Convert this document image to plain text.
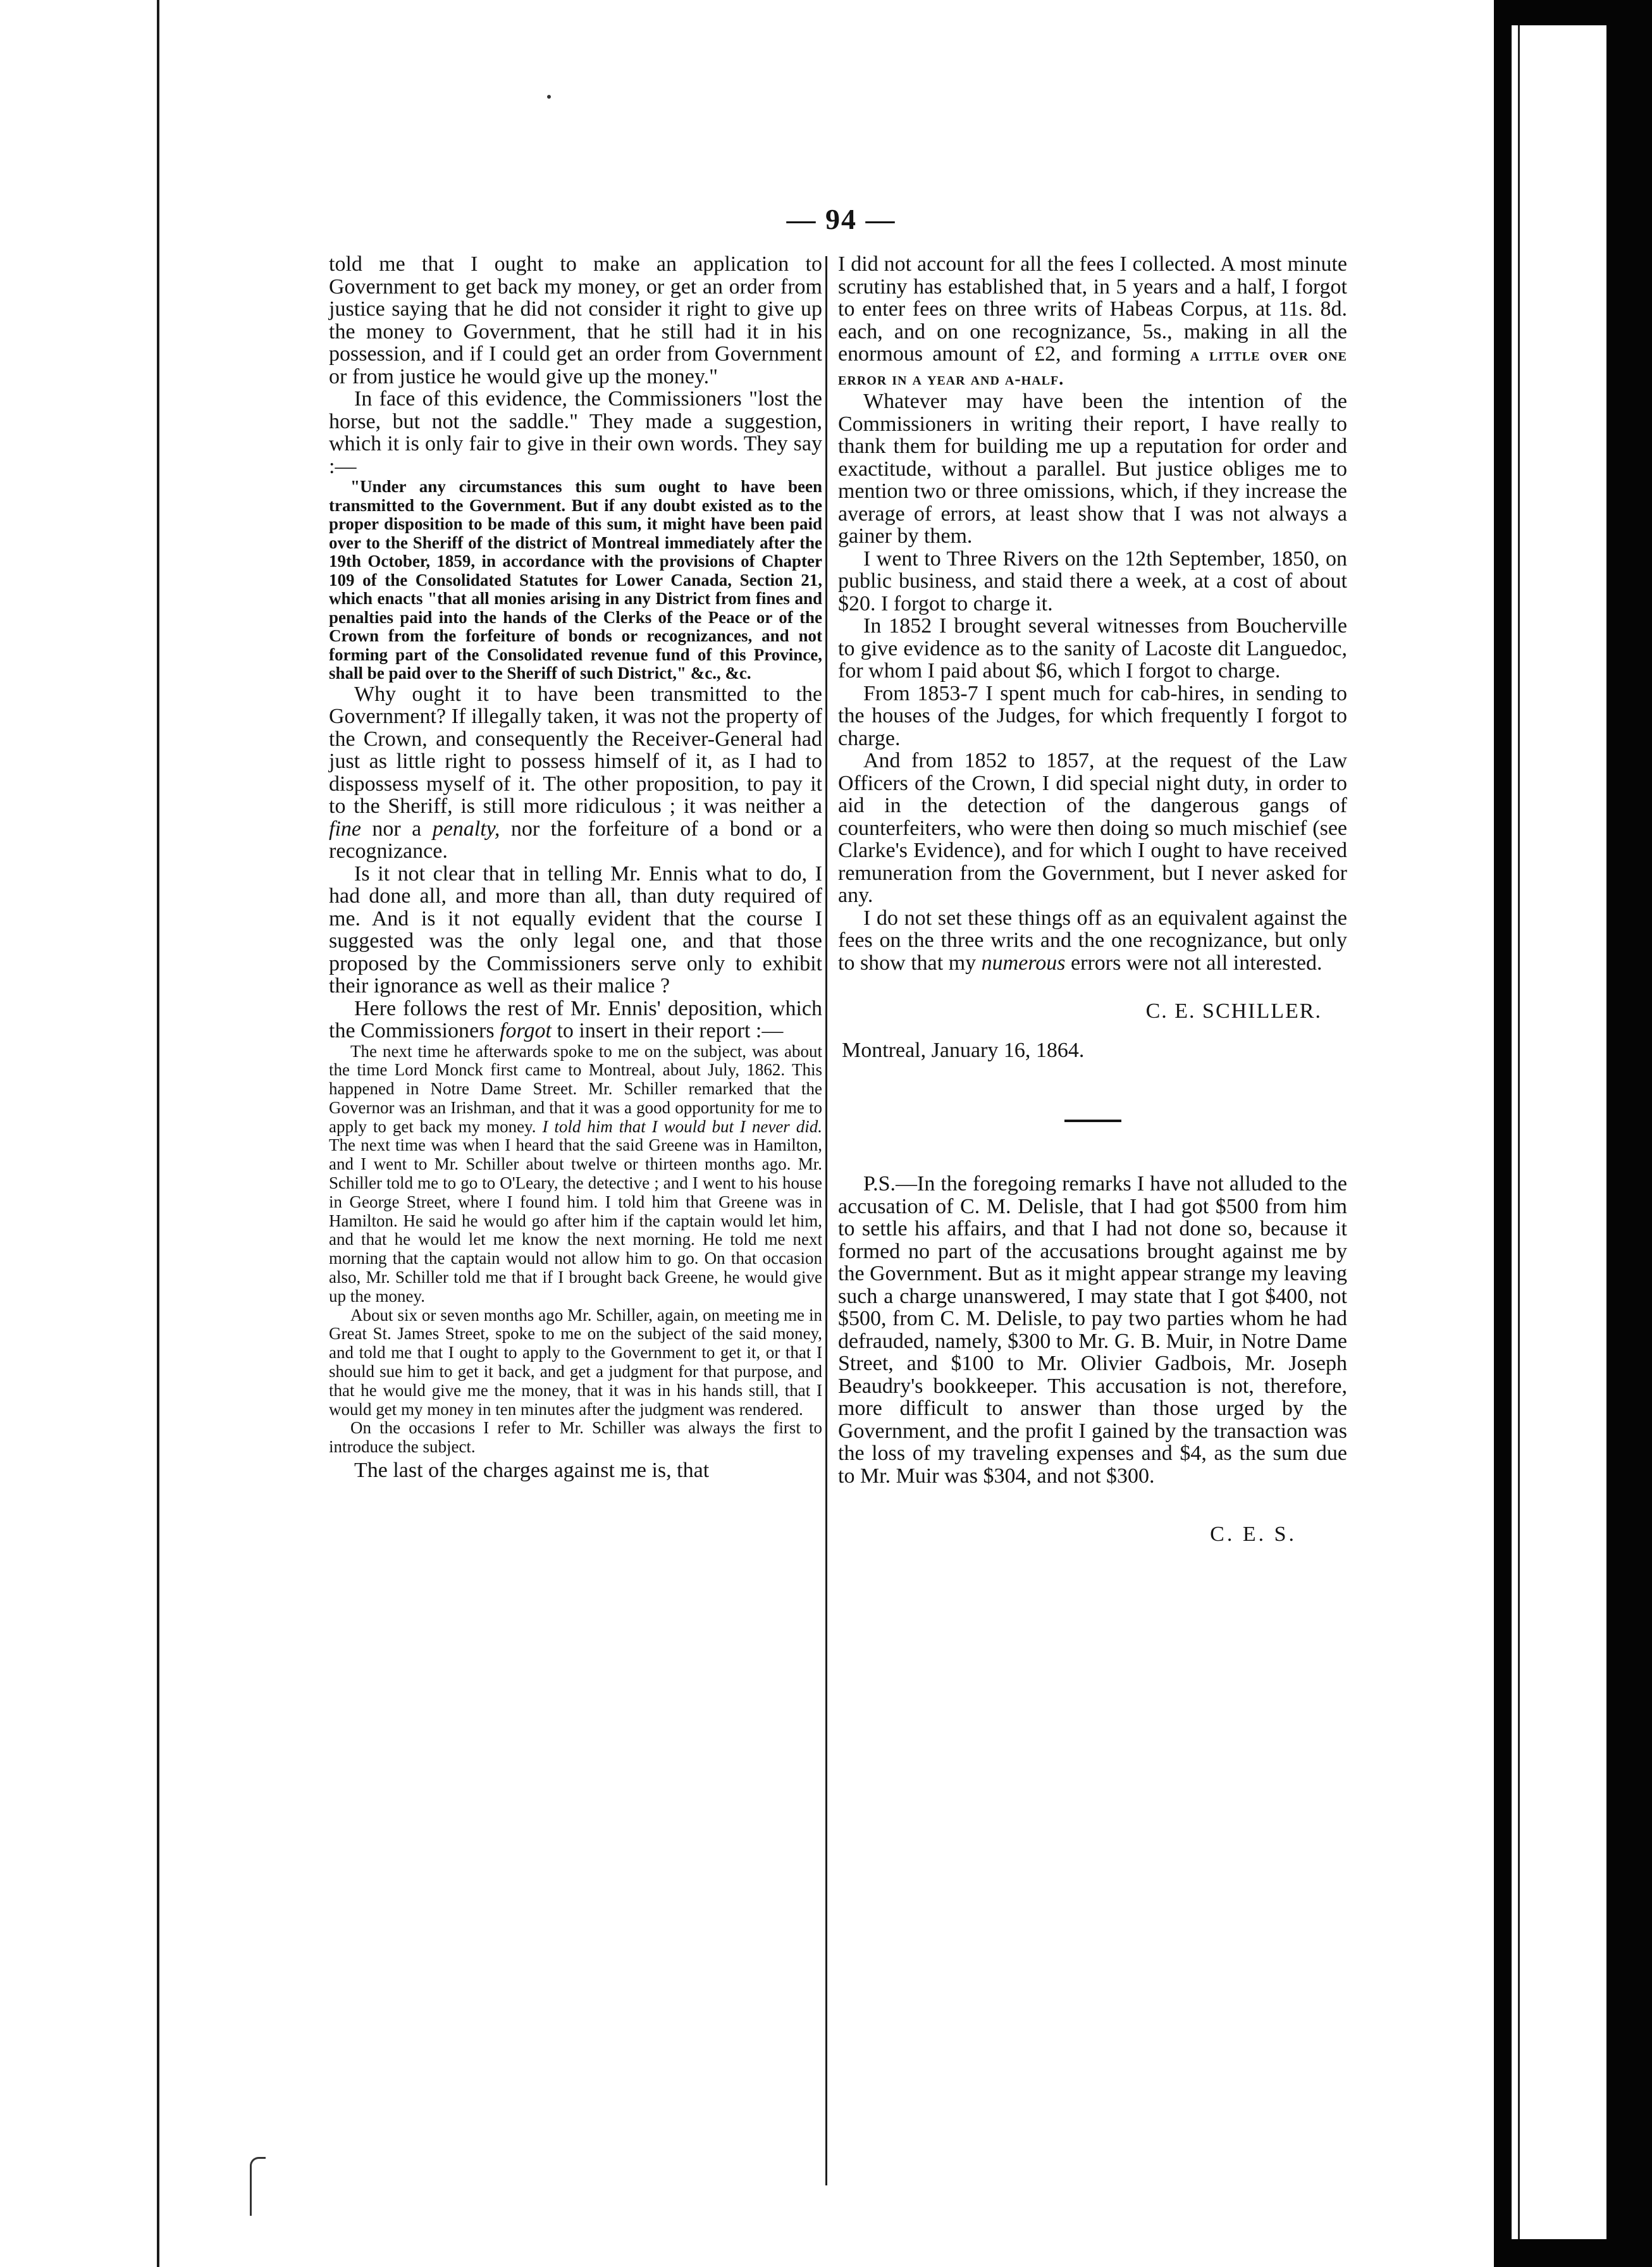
— 94 —

told me that I ought to make an application to Government to get back my money, or get an order from justice saying that he did not consider it right to give up the money to Government, that he still had it in his possession, and if I could get an order from Government or from justice he would give up the money."

In face of this evidence, the Commissioners "lost the horse, but not the saddle." They made a suggestion, which it is only fair to give in their own words. They say :—

"Under any circumstances this sum ought to have been transmitted to the Government. But if any doubt existed as to the proper disposition to be made of this sum, it might have been paid over to the Sheriff of the district of Montreal immediately after the 19th October, 1859, in accordance with the provisions of Chapter 109 of the Consolidated Statutes for Lower Canada, Section 21, which enacts "that all monies arising in any District from fines and penalties paid into the hands of the Clerks of the Peace or of the Crown from the forfeiture of bonds or recognizances, and not forming part of the Consolidated revenue fund of this Province, shall be paid over to the Sheriff of such District," &c., &c.

Why ought it to have been transmitted to the Government? If illegally taken, it was not the property of the Crown, and consequently the Receiver-General had just as little right to possess himself of it, as I had to dispossess myself of it. The other proposition, to pay it to the Sheriff, is still more ridiculous ; it was neither a fine nor a penalty, nor the forfeiture of a bond or a recognizance.

Is it not clear that in telling Mr. Ennis what to do, I had done all, and more than all, than duty required of me. And is it not equally evident that the course I suggested was the only legal one, and that those proposed by the Commissioners serve only to exhibit their ignorance as well as their malice ?

Here follows the rest of Mr. Ennis' deposition, which the Commissioners forgot to insert in their report :—

The next time he afterwards spoke to me on the subject, was about the time Lord Monck first came to Montreal, about July, 1862. This happened in Notre Dame Street. Mr. Schiller remarked that the Governor was an Irishman, and that it was a good opportunity for me to apply to get back my money. I told him that I would but I never did. The next time was when I heard that the said Greene was in Hamilton, and I went to Mr. Schiller about twelve or thirteen months ago. Mr. Schiller told me to go to O'Leary, the detective ; and I went to his house in George Street, where I found him. I told him that Greene was in Hamilton. He said he would go after him if the captain would let him, and that he would let me know the next morning. He told me next morning that the captain would not allow him to go. On that occasion also, Mr. Schiller told me that if I brought back Greene, he would give up the money.

About six or seven months ago Mr. Schiller, again, on meeting me in Great St. James Street, spoke to me on the subject of the said money, and told me that I ought to apply to the Government to get it, or that I should sue him to get it back, and get a judgment for that purpose, and that he would give me the money, that it was in his hands still, that I would get my money in ten minutes after the judgment was rendered.

On the occasions I refer to Mr. Schiller was always the first to introduce the subject.

The last of the charges against me is, that

I did not account for all the fees I collected. A most minute scrutiny has established that, in 5 years and a half, I forgot to enter fees on three writs of Habeas Corpus, at 11s. 8d. each, and on one recognizance, 5s., making in all the enormous amount of £2, and forming a little over one error in a year and a-half.

Whatever may have been the intention of the Commissioners in writing their report, I have really to thank them for building me up a reputation for order and exactitude, without a parallel. But justice obliges me to mention two or three omissions, which, if they increase the average of errors, at least show that I was not always a gainer by them.

I went to Three Rivers on the 12th September, 1850, on public business, and staid there a week, at a cost of about $20. I forgot to charge it.

In 1852 I brought several witnesses from Boucherville to give evidence as to the sanity of Lacoste dit Languedoc, for whom I paid about $6, which I forgot to charge.

From 1853-7 I spent much for cab-hires, in sending to the houses of the Judges, for which frequently I forgot to charge.

And from 1852 to 1857, at the request of the Law Officers of the Crown, I did special night duty, in order to aid in the detection of the dangerous gangs of counterfeiters, who were then doing so much mischief (see Clarke's Evidence), and for which I ought to have received remuneration from the Government, but I never asked for any.

I do not set these things off as an equivalent against the fees on the three writs and the one recognizance, but only to show that my numerous errors were not all interested.

C. E. SCHILLER.
Montreal, January 16, 1864.

P.S.—In the foregoing remarks I have not alluded to the accusation of C. M. Delisle, that I had got $500 from him to settle his affairs, and that I had not done so, because it formed no part of the accusations brought against me by the Government. But as it might appear strange my leaving such a charge unanswered, I may state that I got $400, not $500, from C. M. Delisle, to pay two parties whom he had defrauded, namely, $300 to Mr. G. B. Muir, in Notre Dame Street, and $100 to Mr. Olivier Gadbois, Mr. Joseph Beaudry's bookkeeper. This accusation is not, therefore, more difficult to answer than those urged by the Government, and the profit I gained by the transaction was the loss of my traveling expenses and $4, as the sum due to Mr. Muir was $304, and not $300.

C. E. S.
